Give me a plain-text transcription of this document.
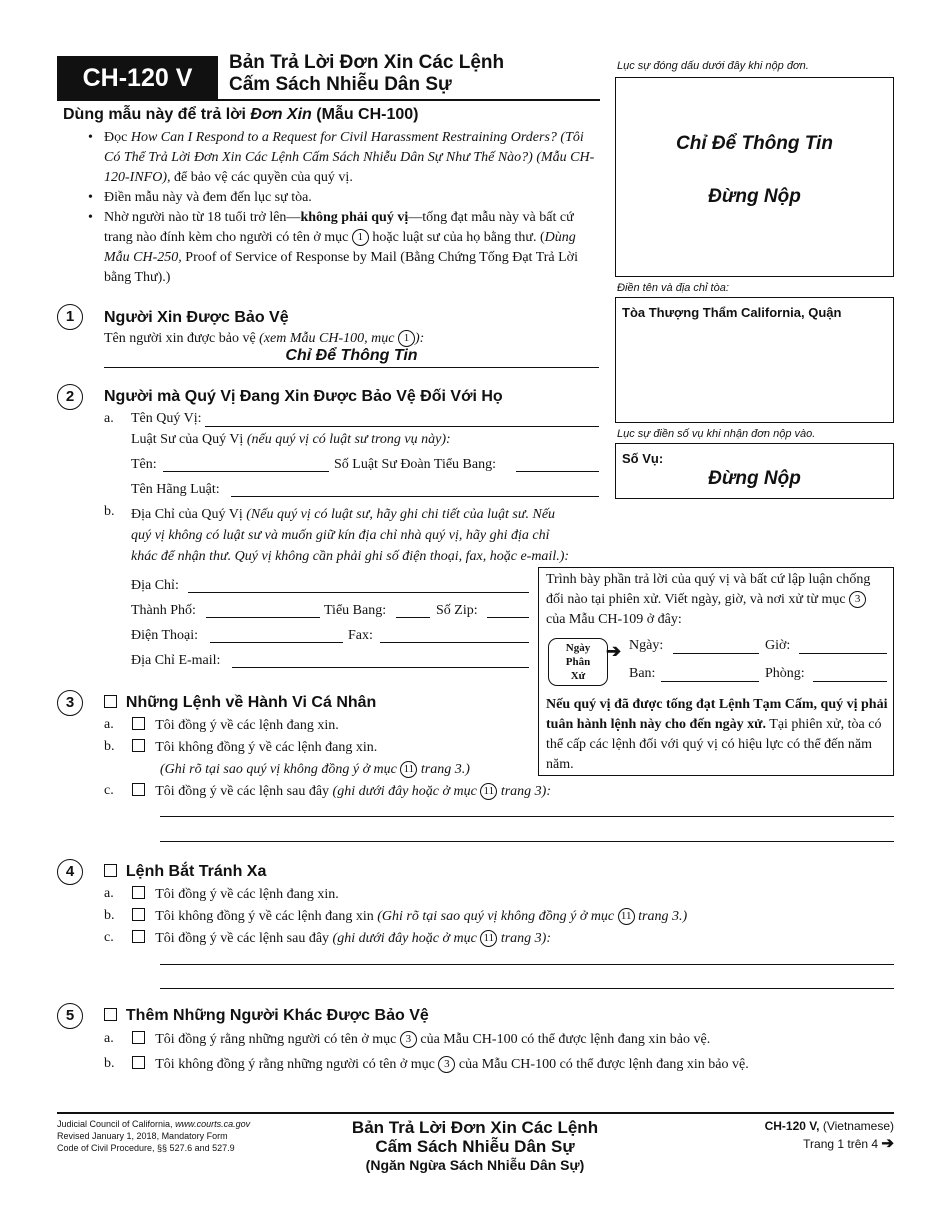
CH-120 V
Bản Trả Lời Đơn Xin Các Lệnh
Cấm Sách Nhiễu Dân Sự
Lục sự đóng dấu dưới đây khi nộp đơn.
Chỉ Để Thông Tin
Đừng Nộp
Điền tên và địa chỉ tòa:
Tòa Thượng Thẩm California, Quận
Lục sự điền số vụ khi nhận đơn nộp vào.
Số Vụ:
Đừng Nộp
Dùng mẫu này để trả lời Đơn Xin (Mẫu CH-100)
• Đọc How Can I Respond to a Request for Civil Harassment Restraining Orders? (Tôi Có Thể Trả Lời Đơn Xin Các Lệnh Cấm Sách Nhiễu Dân Sự Như Thế Nào?) (Mẫu CH-120-INFO), để bảo vệ các quyền của quý vị.
• Điền mẫu này và đem đến lục sự tòa.
• Nhờ người nào từ 18 tuổi trở lên—không phải quý vị—tống đạt mẫu này và bất cứ trang nào đính kèm cho người có tên ở mục 1 hoặc luật sư của họ bằng thư. (Dùng Mẫu CH-250, Proof of Service of Response by Mail (Bằng Chứng Tống Đạt Trả Lời bằng Thư).)
1	Người Xin Được Bảo Vệ
Tên người xin được bảo vệ (xem Mẫu CH-100, mục 1 ):
Chỉ Để Thông Tin
2	Người mà Quý Vị Đang Xin Được Bảo Vệ Đối Với Họ
a. Tên Quý Vị:
Luật Sư của Quý Vị (nếu quý vị có luật sư trong vụ này):
Tên:	Số Luật Sư Đoàn Tiểu Bang:
Tên Hãng Luật:
b. Địa Chỉ của Quý Vị (Nếu quý vị có luật sư, hãy ghi chi tiết của luật sư. Nếu
quý vị không có luật sư và muốn giữ kín địa chỉ nhà quý vị, hãy ghi địa chỉ
khác để nhận thư. Quý vị không cần phải ghi số điện thoại, fax, hoặc e-mail.):
Địa Chỉ:
Thành Phố:	Tiểu Bang:	Số Zip:
Điện Thoại:	Fax:
Địa Chỉ E-mail:
Trình bày phần trả lời của quý vị và bất cứ lập luận chống đối nào tại phiên xử. Viết ngày, giờ, và nơi xử từ mục 3 của Mẫu CH-109 ở đây:
Ngày
Phân
Xử
➔ Ngày:	Giờ:
Ban:	Phòng:
Nếu quý vị đã được tống đạt Lệnh Tạm Cấm, quý vị phải tuân hành lệnh này cho đến ngày xử. Tại phiên xử, tòa có thể cấp các lệnh đối với quý vị có hiệu lực có thể đến năm năm.
3	Những Lệnh về Hành Vi Cá Nhân
a.	Tôi đồng ý về các lệnh đang xin.
b.	Tôi không đồng ý về các lệnh đang xin.
(Ghi rõ tại sao quý vị không đồng ý ở mục 11 trang 3.)
c.	Tôi đồng ý về các lệnh sau đây (ghi dưới đây hoặc ở mục 11 trang 3):
4	Lệnh Bắt Tránh Xa
a.	Tôi đồng ý về các lệnh đang xin.
b.	Tôi không đồng ý về các lệnh đang xin (Ghi rõ tại sao quý vị không đồng ý ở mục 11 trang 3.)
c.	Tôi đồng ý về các lệnh sau đây (ghi dưới đây hoặc ở mục 11 trang 3):
5	Thêm Những Người Khác Được Bảo Vệ
a.	Tôi đồng ý rằng những người có tên ở mục 3 của Mẫu CH-100 có thể được lệnh đang xin bảo vệ.
b.	Tôi không đồng ý rằng những người có tên ở mục 3 của Mẫu CH-100 có thể được lệnh đang xin bảo vệ.
Judicial Council of California, www.courts.ca.gov
Revised January 1, 2018, Mandatory Form
Code of Civil Procedure, §§ 527.6 and 527.9
Bản Trả Lời Đơn Xin Các Lệnh
Cấm Sách Nhiễu Dân Sự
(Ngăn Ngừa Sách Nhiễu Dân Sự)
CH-120 V, (Vietnamese)
Trang 1 trên 4 ➔
